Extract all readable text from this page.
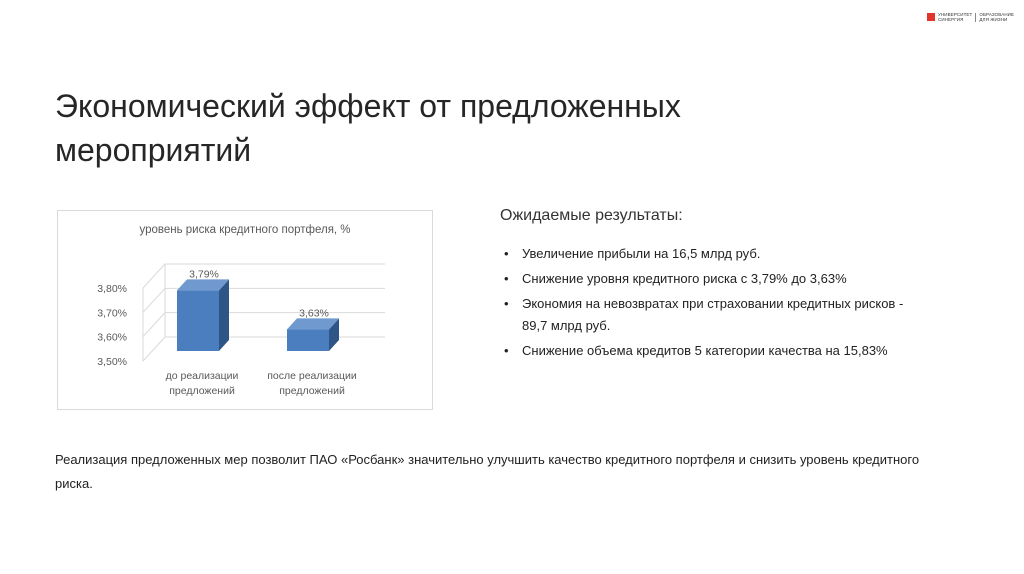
УНИВЕРСИТЕТ
СИНЕРГИЯ
ОБРАЗОВАНИЕ
ДЛЯ ЖИЗНИ
Экономический эффект от предложенных мероприятий
уровень риска кредитного портфеля, %
3,50%
3,60%
3,70%
3,80%
3,79%
до реализации
предложений
3,63%
после реализации
предложений
Ожидаемые результаты:
• Увеличение прибыли на 16,5 млрд руб.
• Снижение уровня кредитного риска с 3,79% до 3,63%
• Экономия на невозвратах при страховании кредитных рисков - 89,7 млрд руб.
• Снижение объема кредитов 5 категории качества на 15,83%
Реализация предложенных мер позволит ПАО «Росбанк» значительно улучшить качество кредитного портфеля и снизить уровень кредитного риска.
